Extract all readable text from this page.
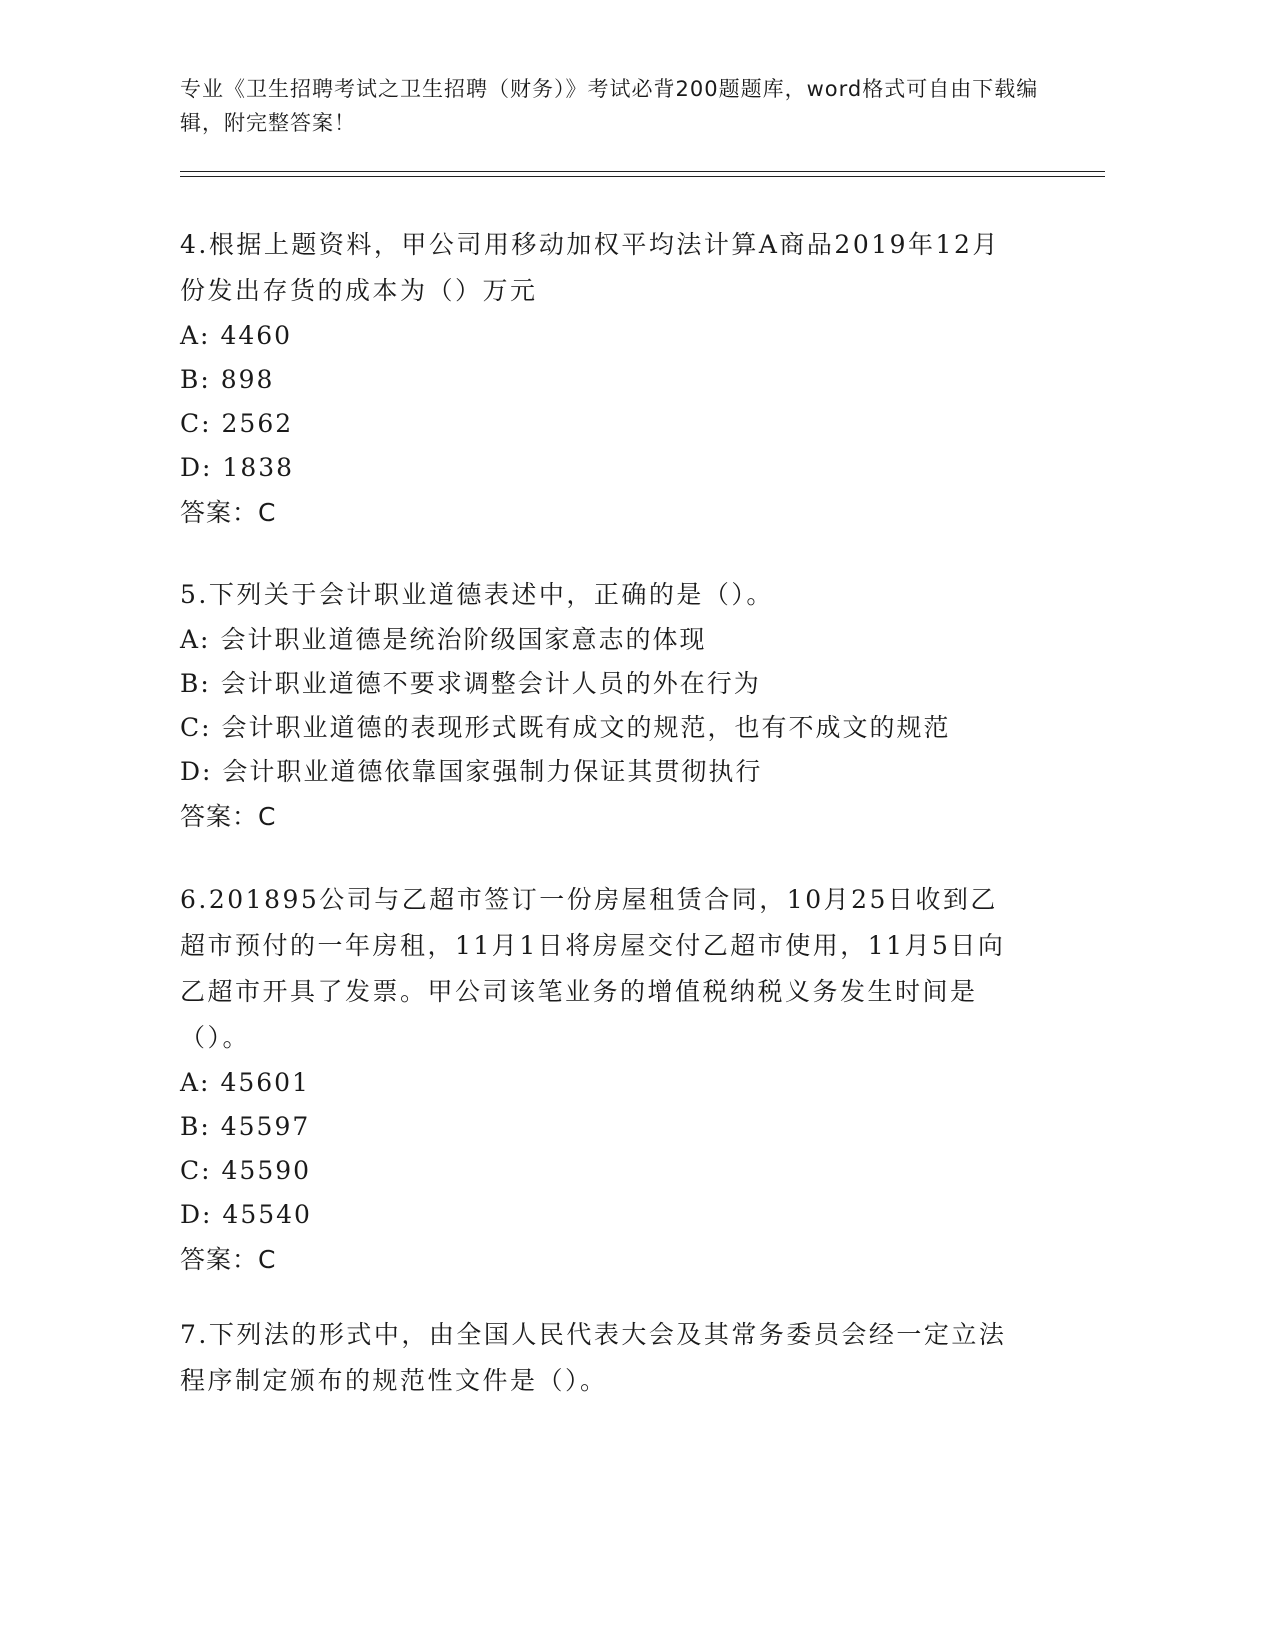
专业《卫生招聘考试之卫生招聘（财务）》考试必背200题题库，word格式可自由下载编辑，附完整答案！
4.根据上题资料，甲公司用移动加权平均法计算A商品2019年12月份发出存货的成本为（）万元
A: 4460
B: 898
C: 2562
D: 1838
答案：C
5.下列关于会计职业道德表述中，正确的是（）。
A: 会计职业道德是统治阶级国家意志的体现
B: 会计职业道德不要求调整会计人员的外在行为
C: 会计职业道德的表现形式既有成文的规范，也有不成文的规范
D: 会计职业道德依靠国家强制力保证其贯彻执行
答案：C
6.201895公司与乙超市签订一份房屋租赁合同，10月25日收到乙超市预付的一年房租，11月1日将房屋交付乙超市使用，11月5日向乙超市开具了发票。甲公司该笔业务的增值税纳税义务发生时间是（）。
A: 45601
B: 45597
C: 45590
D: 45540
答案：C
7.下列法的形式中，由全国人民代表大会及其常务委员会经一定立法程序制定颁布的规范性文件是（）。
